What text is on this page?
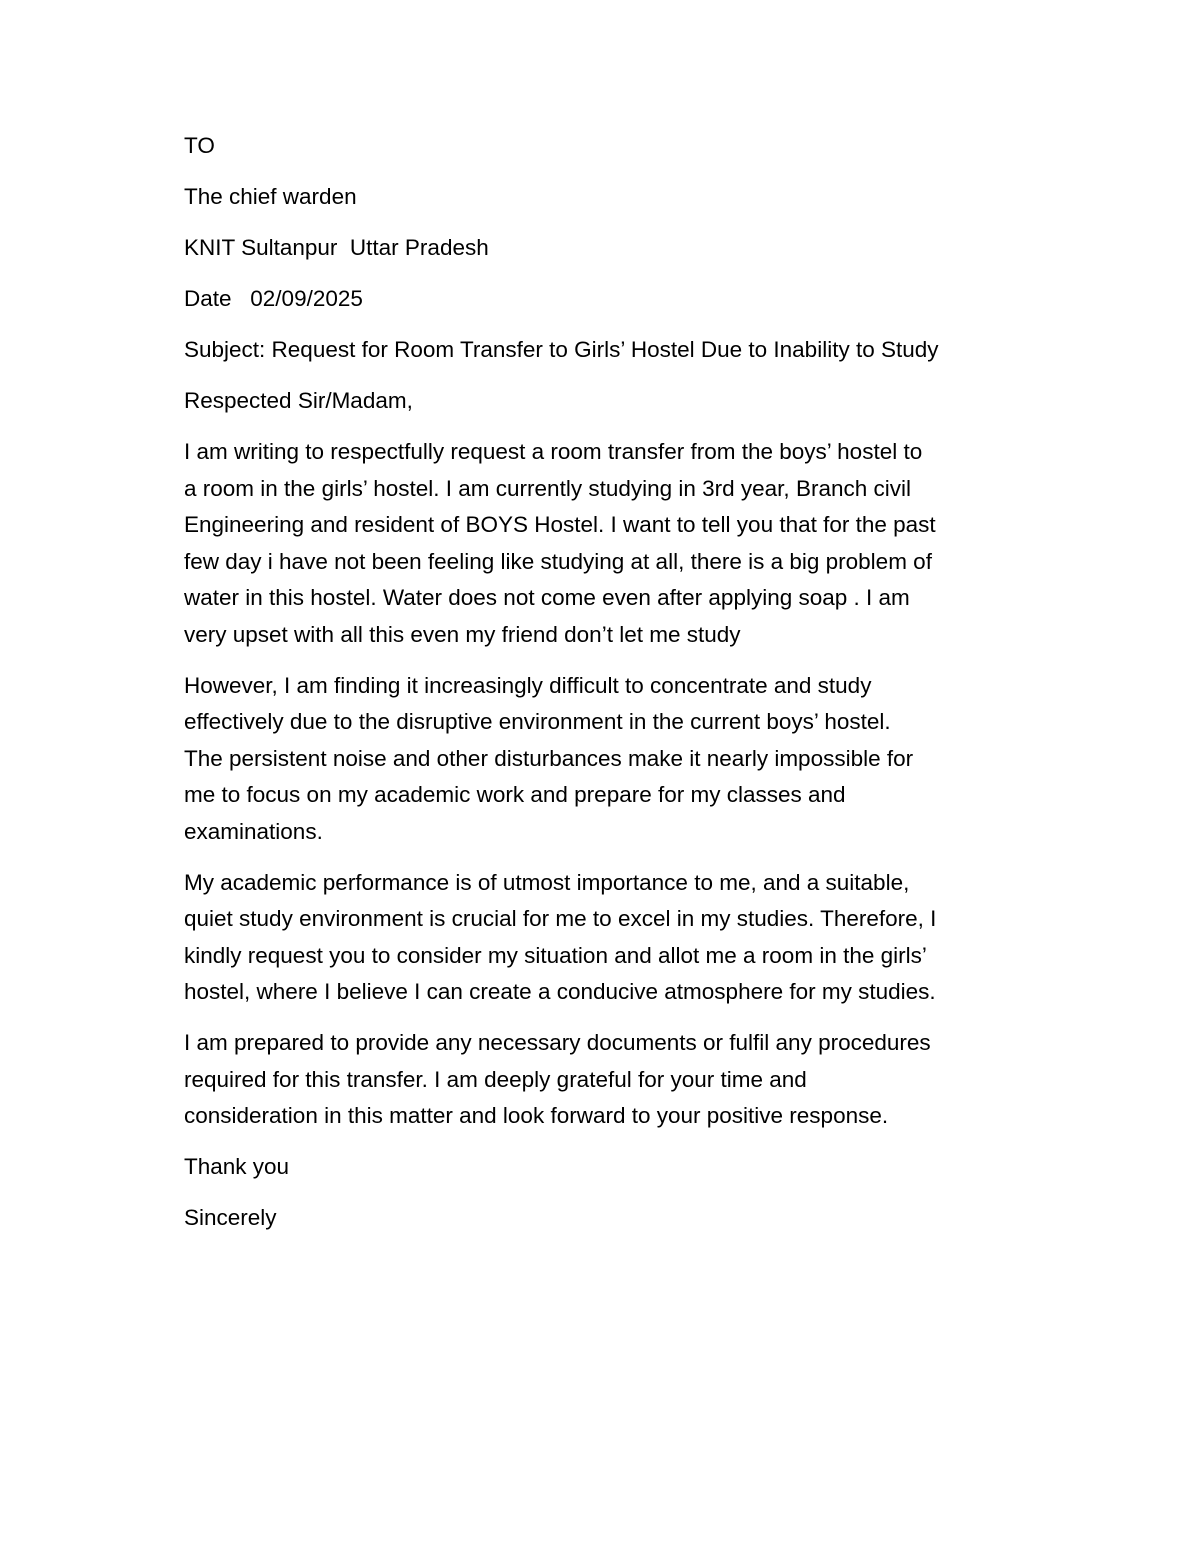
TO
The chief warden
KNIT Sultanpur  Uttar Pradesh
Date   02/09/2025
Subject: Request for Room Transfer to Girls’ Hostel Due to Inability to Study
Respected Sir/Madam,
I am writing to respectfully request a room transfer from the boys’ hostel to
a room in the girls’ hostel. I am currently studying in 3rd year, Branch civil
Engineering and resident of BOYS Hostel. I want to tell you that for the past
few day i have not been feeling like studying at all, there is a big problem of
water in this hostel. Water does not come even after applying soap . I am
very upset with all this even my friend don’t let me study
However, I am finding it increasingly difficult to concentrate and study
effectively due to the disruptive environment in the current boys’ hostel.
The persistent noise and other disturbances make it nearly impossible for
me to focus on my academic work and prepare for my classes and
examinations.
My academic performance is of utmost importance to me, and a suitable,
quiet study environment is crucial for me to excel in my studies. Therefore, I
kindly request you to consider my situation and allot me a room in the girls’
hostel, where I believe I can create a conducive atmosphere for my studies.
I am prepared to provide any necessary documents or fulfil any procedures
required for this transfer. I am deeply grateful for your time and
consideration in this matter and look forward to your positive response.
Thank you
Sincerely
